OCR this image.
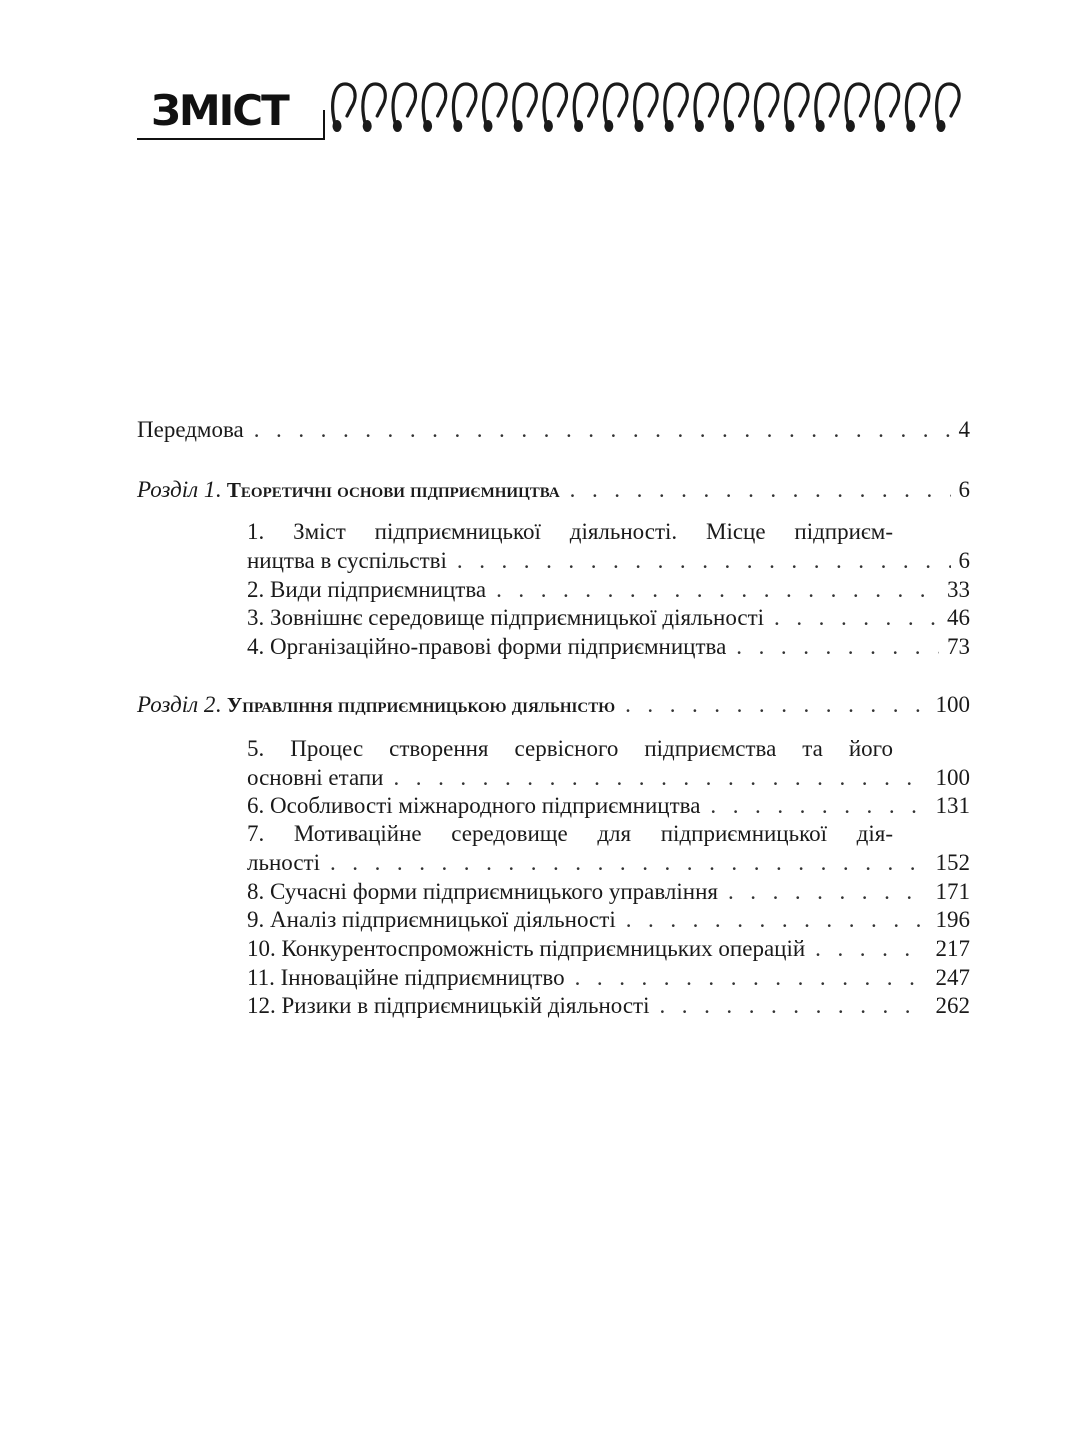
ЗМІСТ
Передмова . . .	4
Розділ 1. Теоретичні основи підприємництва . . .	6
1. Зміст підприємницької діяльності. Місце підприєм-
ництва в суспільстві . . .	6
2. Види підприємництва . . .	33
3. Зовнішнє середовище підприємницької діяльності . . .	46
4. Організаційно-правові форми підприємництва . . .	73
Розділ 2. Управління підприємницькою діяльністю . . .	100
5. Процес створення сервісного підприємства та його
основні етапи . . .	100
6. Особливості міжнародного підприємництва . . .	131
7. Мотиваційне середовище для підприємницької дія-
льності . . .	152
8. Сучасні форми підприємницького управління . . .	171
9. Аналіз підприємницької діяльності . . .	196
10. Конкурентоспроможність підприємницьких операцій . . .	217
11. Інноваційне підприємництво . . .	247
12. Ризики в підприємницькій діяльності . . .	262
